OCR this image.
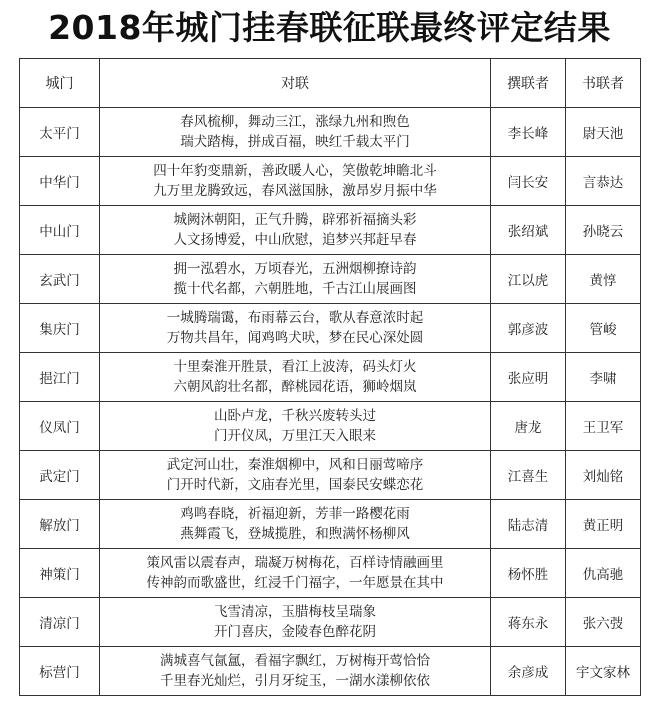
2018年城门挂春联征联最终评定结果
城门	对联	撰联者	书联者
太平门	春风梳柳，舞动三江，涨绿九州和煦色
瑞犬踏梅，拼成百福，映红千载太平门	李长峰	尉天池
中华门	四十年豹变鼎新，善政暖人心，笑傲乾坤瞻北斗
九万里龙腾致远，春风滋国脉，激昂岁月振中华	闫长安	言恭达
中山门	城阙沐朝阳，正气升腾，辟邪祈福摘头彩
人文扬博爱，中山欣慰，追梦兴邦赶早春	张绍斌	孙晓云
玄武门	拥一泓碧水，万顷春光，五洲烟柳撩诗韵
揽十代名都，六朝胜地，千古江山展画图	江以虎	黄惇
集庆门	一城腾瑞霭，布雨幕云台，歌从春意浓时起
万物共昌年，闻鸡鸣犬吠，梦在民心深处圆	郭彦波	管峻
挹江门	十里秦淮开胜景，看江上波涛，码头灯火
六朝风韵壮名都，醉桃园花语，狮岭烟岚	张应明	李啸
仪凤门	山卧卢龙，千秋兴废转头过
门开仪凤，万里江天入眼来	唐龙	王卫军
武定门	武定河山壮，秦淮烟柳中，风和日丽莺啼序
门开时代新，文庙春光里，国泰民安蝶恋花	江喜生	刘灿铭
解放门	鸡鸣春晓，祈福迎新，芳菲一路樱花雨
燕舞霞飞，登城揽胜，和煦满怀杨柳风	陆志清	黄正明
神策门	策风雷以震春声，瑞凝万树梅花，百样诗情融画里
传神韵而歌盛世，红浸千门福字，一年愿景在其中	杨怀胜	仇高驰
清凉门	飞雪清凉，玉腊梅枝呈瑞象
开门喜庆，金陵春色醉花阴	蒋东永	张六弢
标营门	满城喜气氤氲，看福字飘红，万树梅开莺恰恰
千里春光灿烂，引月牙绽玉，一湖水漾柳依依	余彦成	宇文家林
